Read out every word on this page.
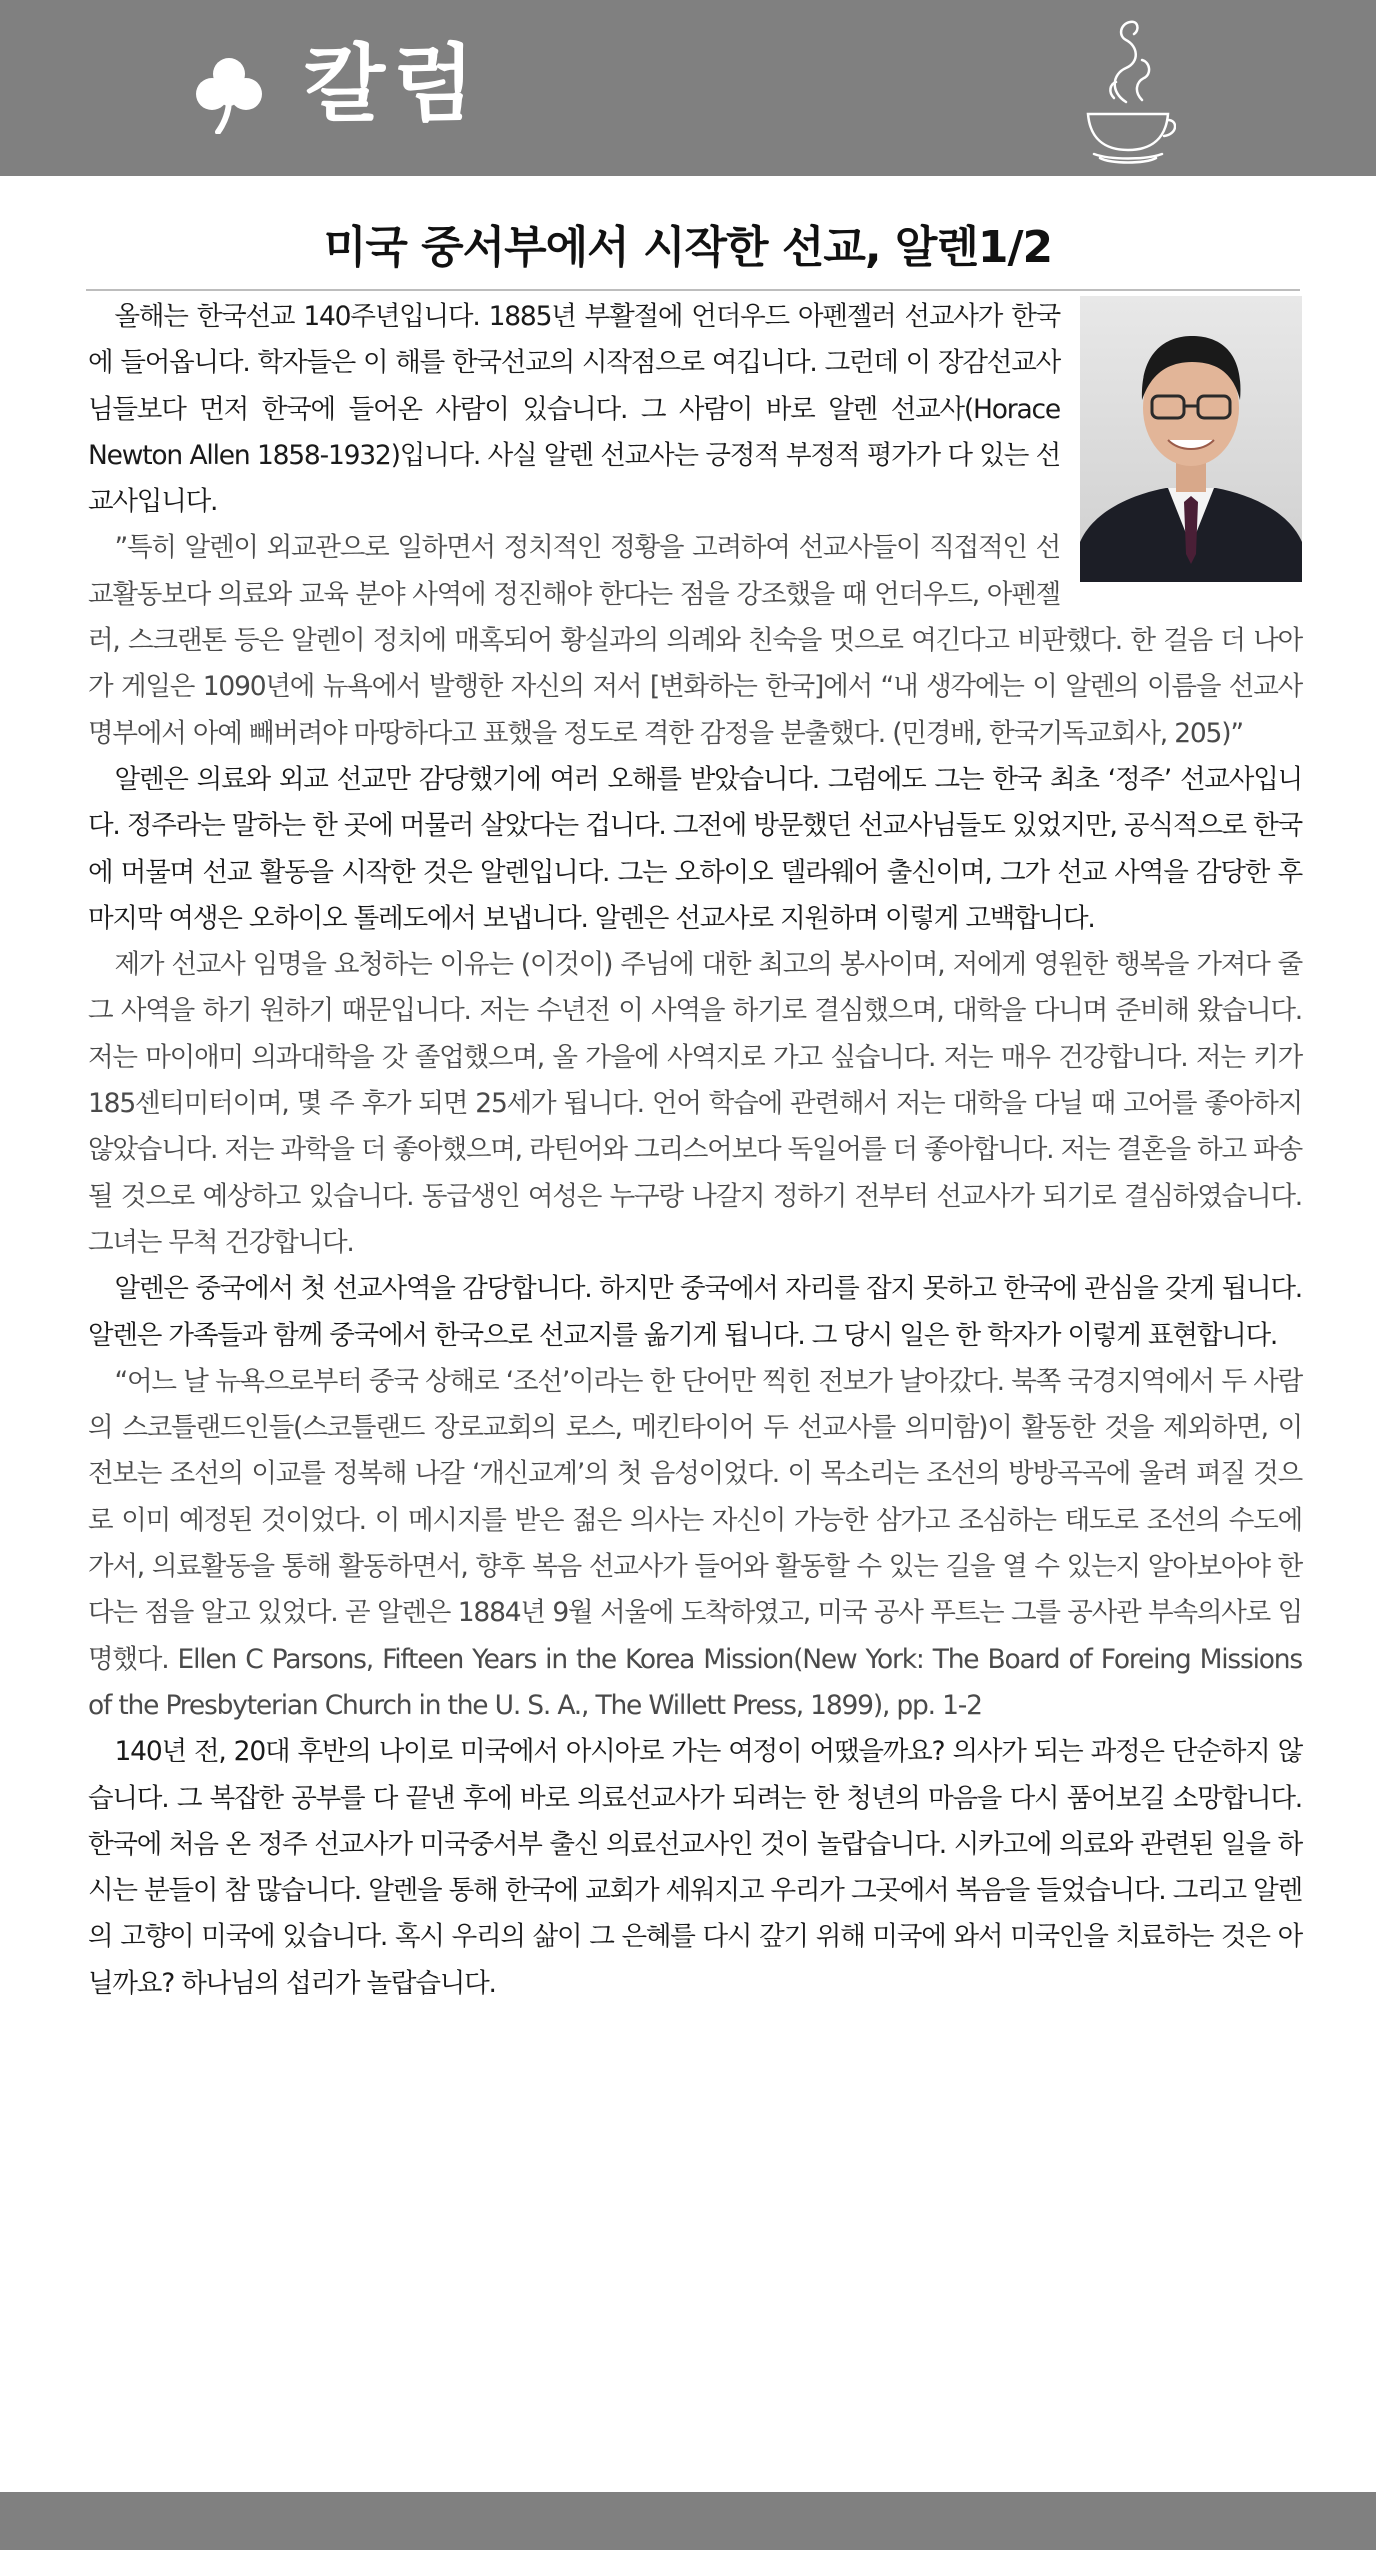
칼럼
미국 중서부에서 시작한 선교, 알렌1/2

올해는 한국선교 140주년입니다. 1885년 부활절에 언더우드 아펜젤러 선교사가 한국에 들어옵니다. 학자들은 이 해를 한국선교의 시작점으로 여깁니다. 그런데 이 장감선교사님들보다 먼저 한국에 들어온 사람이 있습니다. 그 사람이 바로 알렌 선교사(Horace Newton Allen 1858-1932)입니다. 사실 알렌 선교사는 긍정적 부정적 평가가 다 있는 선교사입니다.

”특히 알렌이 외교관으로 일하면서 정치적인 정황을 고려하여 선교사들이 직접적인 선교활동보다 의료와 교육 분야 사역에 정진해야 한다는 점을 강조했을 때 언더우드, 아펜젤러, 스크랜톤 등은 알렌이 정치에 매혹되어 황실과의 의례와 친숙을 멋으로 여긴다고 비판했다. 한 걸음 더 나아가 게일은 1090년에 뉴욕에서 발행한 자신의 저서 [변화하는 한국]에서 “내 생각에는 이 알렌의 이름을 선교사 명부에서 아예 빼버려야 마땅하다고 표했을 정도로 격한 감정을 분출했다. (민경배, 한국기독교회사, 205)”

알렌은 의료와 외교 선교만 감당했기에 여러 오해를 받았습니다. 그럼에도 그는 한국 최초 ‘정주’ 선교사입니다. 정주라는 말하는 한 곳에 머물러 살았다는 겁니다. 그전에 방문했던 선교사님들도 있었지만, 공식적으로 한국에 머물며 선교 활동을 시작한 것은 알렌입니다. 그는 오하이오 델라웨어 출신이며, 그가 선교 사역을 감당한 후 마지막 여생은 오하이오 톨레도에서 보냅니다. 알렌은 선교사로 지원하며 이렇게 고백합니다.

제가 선교사 임명을 요청하는 이유는 (이것이) 주님에 대한 최고의 봉사이며, 저에게 영원한 행복을 가져다 줄 그 사역을 하기 원하기 때문입니다. 저는 수년전 이 사역을 하기로 결심했으며, 대학을 다니며 준비해 왔습니다. 저는 마이애미 의과대학을 갓 졸업했으며, 올 가을에 사역지로 가고 싶습니다. 저는 매우 건강합니다. 저는 키가 185센티미터이며, 몇 주 후가 되면 25세가 됩니다. 언어 학습에 관련해서 저는 대학을 다닐 때 고어를 좋아하지 않았습니다. 저는 과학을 더 좋아했으며, 라틴어와 그리스어보다 독일어를 더 좋아합니다. 저는 결혼을 하고 파송될 것으로 예상하고 있습니다. 동급생인 여성은 누구랑 나갈지 정하기 전부터 선교사가 되기로 결심하였습니다. 그녀는 무척 건강합니다.

알렌은 중국에서 첫 선교사역을 감당합니다. 하지만 중국에서 자리를 잡지 못하고 한국에 관심을 갖게 됩니다. 알렌은 가족들과 함께 중국에서 한국으로 선교지를 옮기게 됩니다. 그 당시 일은 한 학자가 이렇게 표현합니다.

“어느 날 뉴욕으로부터 중국 상해로 ‘조선’이라는 한 단어만 찍힌 전보가 날아갔다. 북쪽 국경지역에서 두 사람의 스코틀랜드인들(스코틀랜드 장로교회의 로스, 메킨타이어 두 선교사를 의미함)이 활동한 것을 제외하면, 이 전보는 조선의 이교를 정복해 나갈 ‘개신교계’의 첫 음성이었다. 이 목소리는 조선의 방방곡곡에 울려 펴질 것으로 이미 예정된 것이었다. 이 메시지를 받은 젊은 의사는 자신이 가능한 삼가고 조심하는 태도로 조선의 수도에 가서, 의료활동을 통해 활동하면서, 향후 복음 선교사가 들어와 활동할 수 있는 길을 열 수 있는지 알아보아야 한다는 점을 알고 있었다. 곧 알렌은 1884년 9월 서울에 도착하였고, 미국 공사 푸트는 그를 공사관 부속의사로 임명했다. Ellen C Parsons, Fifteen Years in the Korea Mission(New York: The Board of Foreing Missions of the Presbyterian Church in the U. S. A., The Willett Press, 1899), pp. 1-2

140년 전, 20대 후반의 나이로 미국에서 아시아로 가는 여정이 어땠을까요? 의사가 되는 과정은 단순하지 않습니다. 그 복잡한 공부를 다 끝낸 후에 바로 의료선교사가 되려는 한 청년의 마음을 다시 품어보길 소망합니다. 한국에 처음 온 정주 선교사가 미국중서부 출신 의료선교사인 것이 놀랍습니다. 시카고에 의료와 관련된 일을 하시는 분들이 참 많습니다. 알렌을 통해 한국에 교회가 세워지고 우리가 그곳에서 복음을 들었습니다. 그리고 알렌의 고향이 미국에 있습니다. 혹시 우리의 삶이 그 은혜를 다시 갚기 위해 미국에 와서 미국인을 치료하는 것은 아닐까요? 하나님의 섭리가 놀랍습니다.
